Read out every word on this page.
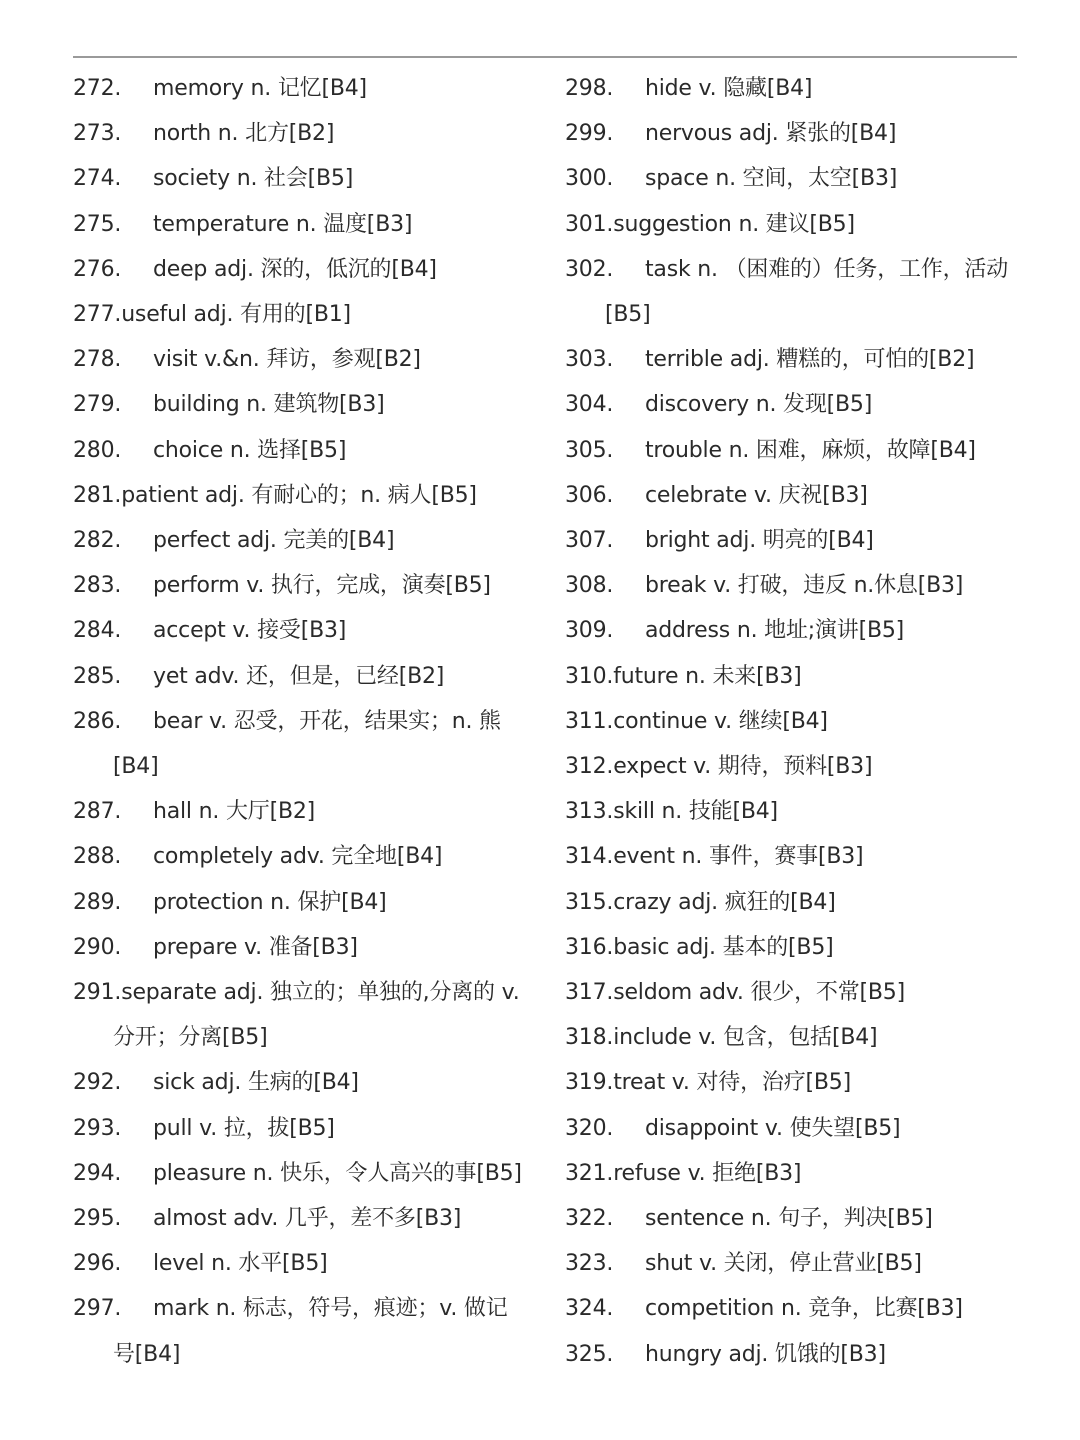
272. memory n. 记忆[B4]
273. north n. 北方[B2]
274. society n. 社会[B5]
275. temperature n. 温度[B3]
276. deep adj. 深的，低沉的[B4]
277.useful adj. 有用的[B1]
278. visit v.&n. 拜访，参观[B2]
279. building n. 建筑物[B3]
280. choice n. 选择[B5]
281.patient adj. 有耐心的；n. 病人[B5]
282. perfect adj. 完美的[B4]
283. perform v. 执行，完成，演奏[B5]
284. accept v. 接受[B3]
285. yet adv. 还，但是，已经[B2]
286. bear v. 忍受，开花，结果实；n. 熊
[B4]
287. hall n. 大厅[B2]
288. completely adv. 完全地[B4]
289. protection n. 保护[B4]
290. prepare v. 准备[B3]
291.separate adj. 独立的；单独的,分离的 v.
分开；分离[B5]
292. sick adj. 生病的[B4]
293. pull v. 拉，拔[B5]
294. pleasure n. 快乐，令人高兴的事[B5]
295. almost adv. 几乎，差不多[B3]
296. level n. 水平[B5]
297. mark n. 标志，符号，痕迹；v. 做记
号[B4]
298. hide v. 隐藏[B4]
299. nervous adj. 紧张的[B4]
300. space n. 空间，太空[B3]
301.suggestion n. 建议[B5]
302. task n. （困难的）任务，工作，活动
[B5]
303. terrible adj. 糟糕的，可怕的[B2]
304. discovery n. 发现[B5]
305. trouble n. 困难，麻烦，故障[B4]
306. celebrate v. 庆祝[B3]
307. bright adj. 明亮的[B4]
308. break v. 打破，违反 n.休息[B3]
309. address n. 地址;演讲[B5]
310.future n. 未来[B3]
311.continue v. 继续[B4]
312.expect v. 期待，预料[B3]
313.skill n. 技能[B4]
314.event n. 事件，赛事[B3]
315.crazy adj. 疯狂的[B4]
316.basic adj. 基本的[B5]
317.seldom adv. 很少，不常[B5]
318.include v. 包含，包括[B4]
319.treat v. 对待，治疗[B5]
320. disappoint v. 使失望[B5]
321.refuse v. 拒绝[B3]
322. sentence n. 句子，判决[B5]
323. shut v. 关闭，停止营业[B5]
324. competition n. 竞争，比赛[B3]
325. hungry adj. 饥饿的[B3]
